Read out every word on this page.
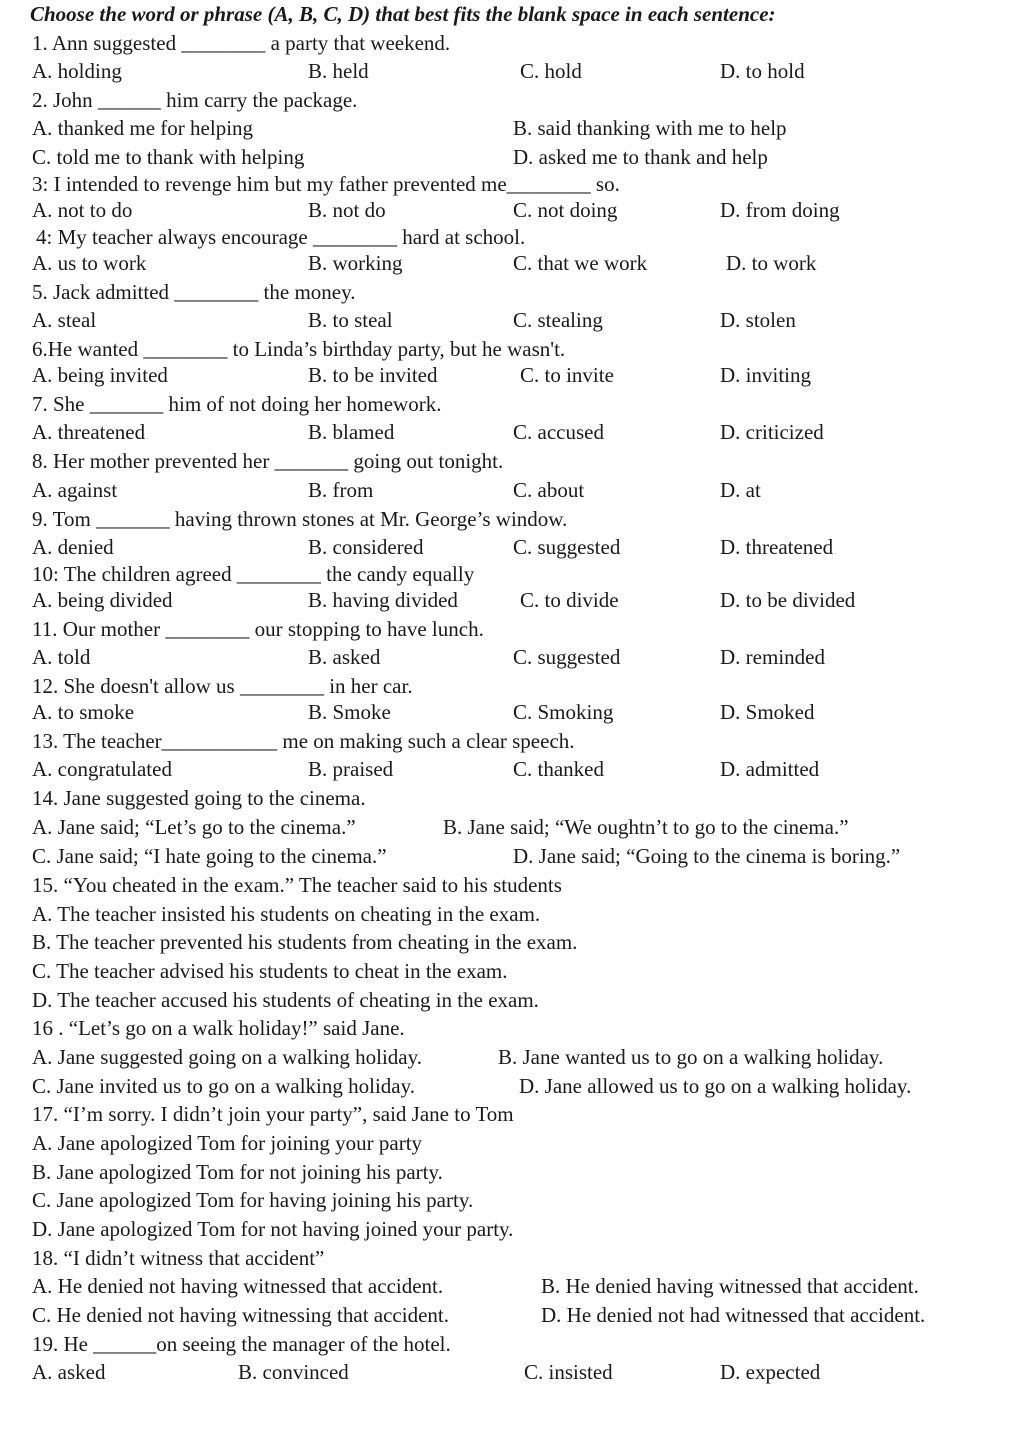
Choose the word or phrase (A, B, C, D) that best fits the blank space in each sentence:
1. Ann suggested ________ a party that weekend.
A. holding	B. held	C. hold	D. to hold
2. John ______ him carry the package.
A. thanked me for helping	B. said thanking with me to help
C. told me to thank with helping	D. asked me to thank and help
3: I intended to revenge him but my father prevented me________ so.
A. not to do	B. not do	C. not doing	D. from doing
4: My teacher always encourage ________ hard at school.
A. us to work	B. working	C. that we work	D. to work
5. Jack admitted ________ the money.
A. steal	B. to steal	C. stealing	D. stolen
6.He wanted ________ to Linda’s birthday party, but he wasn't.
A. being invited	B. to be invited	C. to invite	D. inviting
7. She _______ him of not doing her homework.
A. threatened	B. blamed	C. accused	D. criticized
8. Her mother prevented her _______ going out tonight.
A. against	B. from	C. about	D. at
9. Tom _______ having thrown stones at Mr. George’s window.
A. denied	B. considered	C. suggested	D. threatened
10: The children agreed ________ the candy equally
A. being divided	B. having divided	C. to divide	D. to be divided
11. Our mother ________ our stopping to have lunch.
A. told	B. asked	C. suggested	D. reminded
12. She doesn't allow us ________ in her car.
A. to smoke	B. Smoke	C. Smoking	D. Smoked
13. The teacher___________ me on making such a clear speech.
A. congratulated	B. praised	C. thanked	D. admitted
14. Jane suggested going to the cinema.
A. Jane said; “Let’s go to the cinema.”	B. Jane said; “We oughtn’t to go to the cinema.”
C. Jane said; “I hate going to the cinema.”	D. Jane said; “Going to the cinema is boring.”
15. “You cheated in the exam.” The teacher said to his students
A. The teacher insisted his students on cheating in the exam.
B. The teacher prevented his students from cheating in the exam.
C. The teacher advised his students to cheat in the exam.
D. The teacher accused his students of cheating in the exam.
16 . “Let’s go on a walk holiday!” said Jane.
A. Jane suggested going on a walking holiday.	B. Jane wanted us to go on a walking holiday.
C. Jane invited us to go on a walking holiday.	D. Jane allowed us to go on a walking holiday.
17. “I’m sorry. I didn’t join your party”, said Jane to Tom
A. Jane apologized Tom for joining your party
B. Jane apologized Tom for not joining his party.
C. Jane apologized Tom for having joining his party.
D. Jane apologized Tom for not having joined your party.
18. “I didn’t witness that accident”
A. He denied not having witnessed that accident.	B. He denied having witnessed that accident.
C. He denied not having witnessing that accident.	D. He denied not had witnessed that accident.
19. He ______on seeing the manager of the hotel.
A. asked	B. convinced	C. insisted	D. expected
